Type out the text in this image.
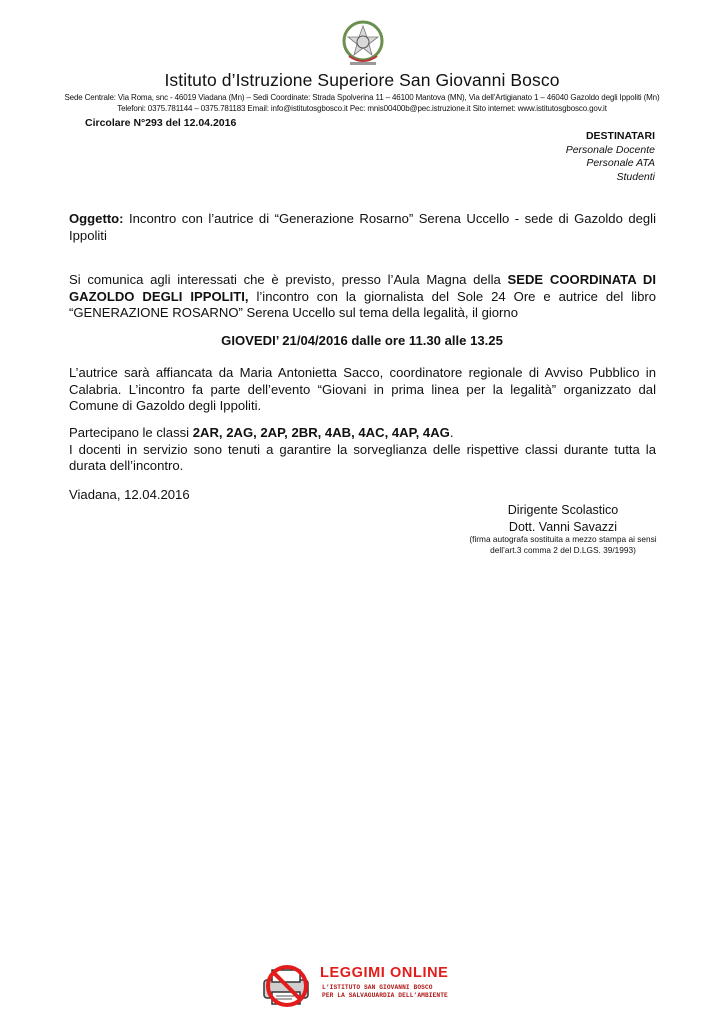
Istituto d’Istruzione Superiore San Giovanni Bosco
Sede Centrale: Via Roma, snc - 46019 Viadana (Mn) – Sedi Coordinate: Strada Spolverina 11 – 46100 Mantova (MN), Via dell’Artigianato 1 – 46040 Gazoldo degli Ippoliti (Mn)
Telefoni: 0375.781144 – 0375.781183 Email: info@istitutosgbosco.it Pec: mnis00400b@pec.istruzione.it Sito internet: www.istitutosgbosco.gov.it
Circolare N°293 del 12.04.2016
DESTINATARI
Personale Docente
Personale ATA
Studenti
Oggetto: Incontro con l’autrice di “Generazione Rosarno” Serena Uccello - sede di Gazoldo degli Ippoliti
Si comunica agli interessati che è previsto, presso l’Aula Magna della SEDE COORDINATA DI GAZOLDO DEGLI IPPOLITI, l’incontro con la giornalista del Sole 24 Ore e autrice del libro “GENERAZIONE ROSARNO” Serena Uccello sul tema della legalità, il giorno
GIOVEDI’ 21/04/2016 dalle ore 11.30 alle 13.25
L’autrice sarà affiancata da Maria Antonietta Sacco, coordinatore regionale di Avviso Pubblico in Calabria. L’incontro fa parte dell’evento “Giovani in prima linea per la legalità” organizzato dal Comune di Gazoldo degli Ippoliti.
Partecipano le classi 2AR, 2AG, 2AP, 2BR, 4AB, 4AC, 4AP, 4AG.
I docenti in servizio sono tenuti a garantire la sorveglianza delle rispettive classi durante tutta la durata dell’incontro.
Viadana, 12.04.2016
Dirigente Scolastico
Dott. Vanni Savazzi
(firma autografa sostituita a mezzo stampa ai sensi
dell’art.3 comma 2 del D.LGS. 39/1993)
LEGGIMI ONLINE
L’ISTITUTO SAN GIOVANNI BOSCO
PER LA SALVAGUARDIA DELL’AMBIENTE
